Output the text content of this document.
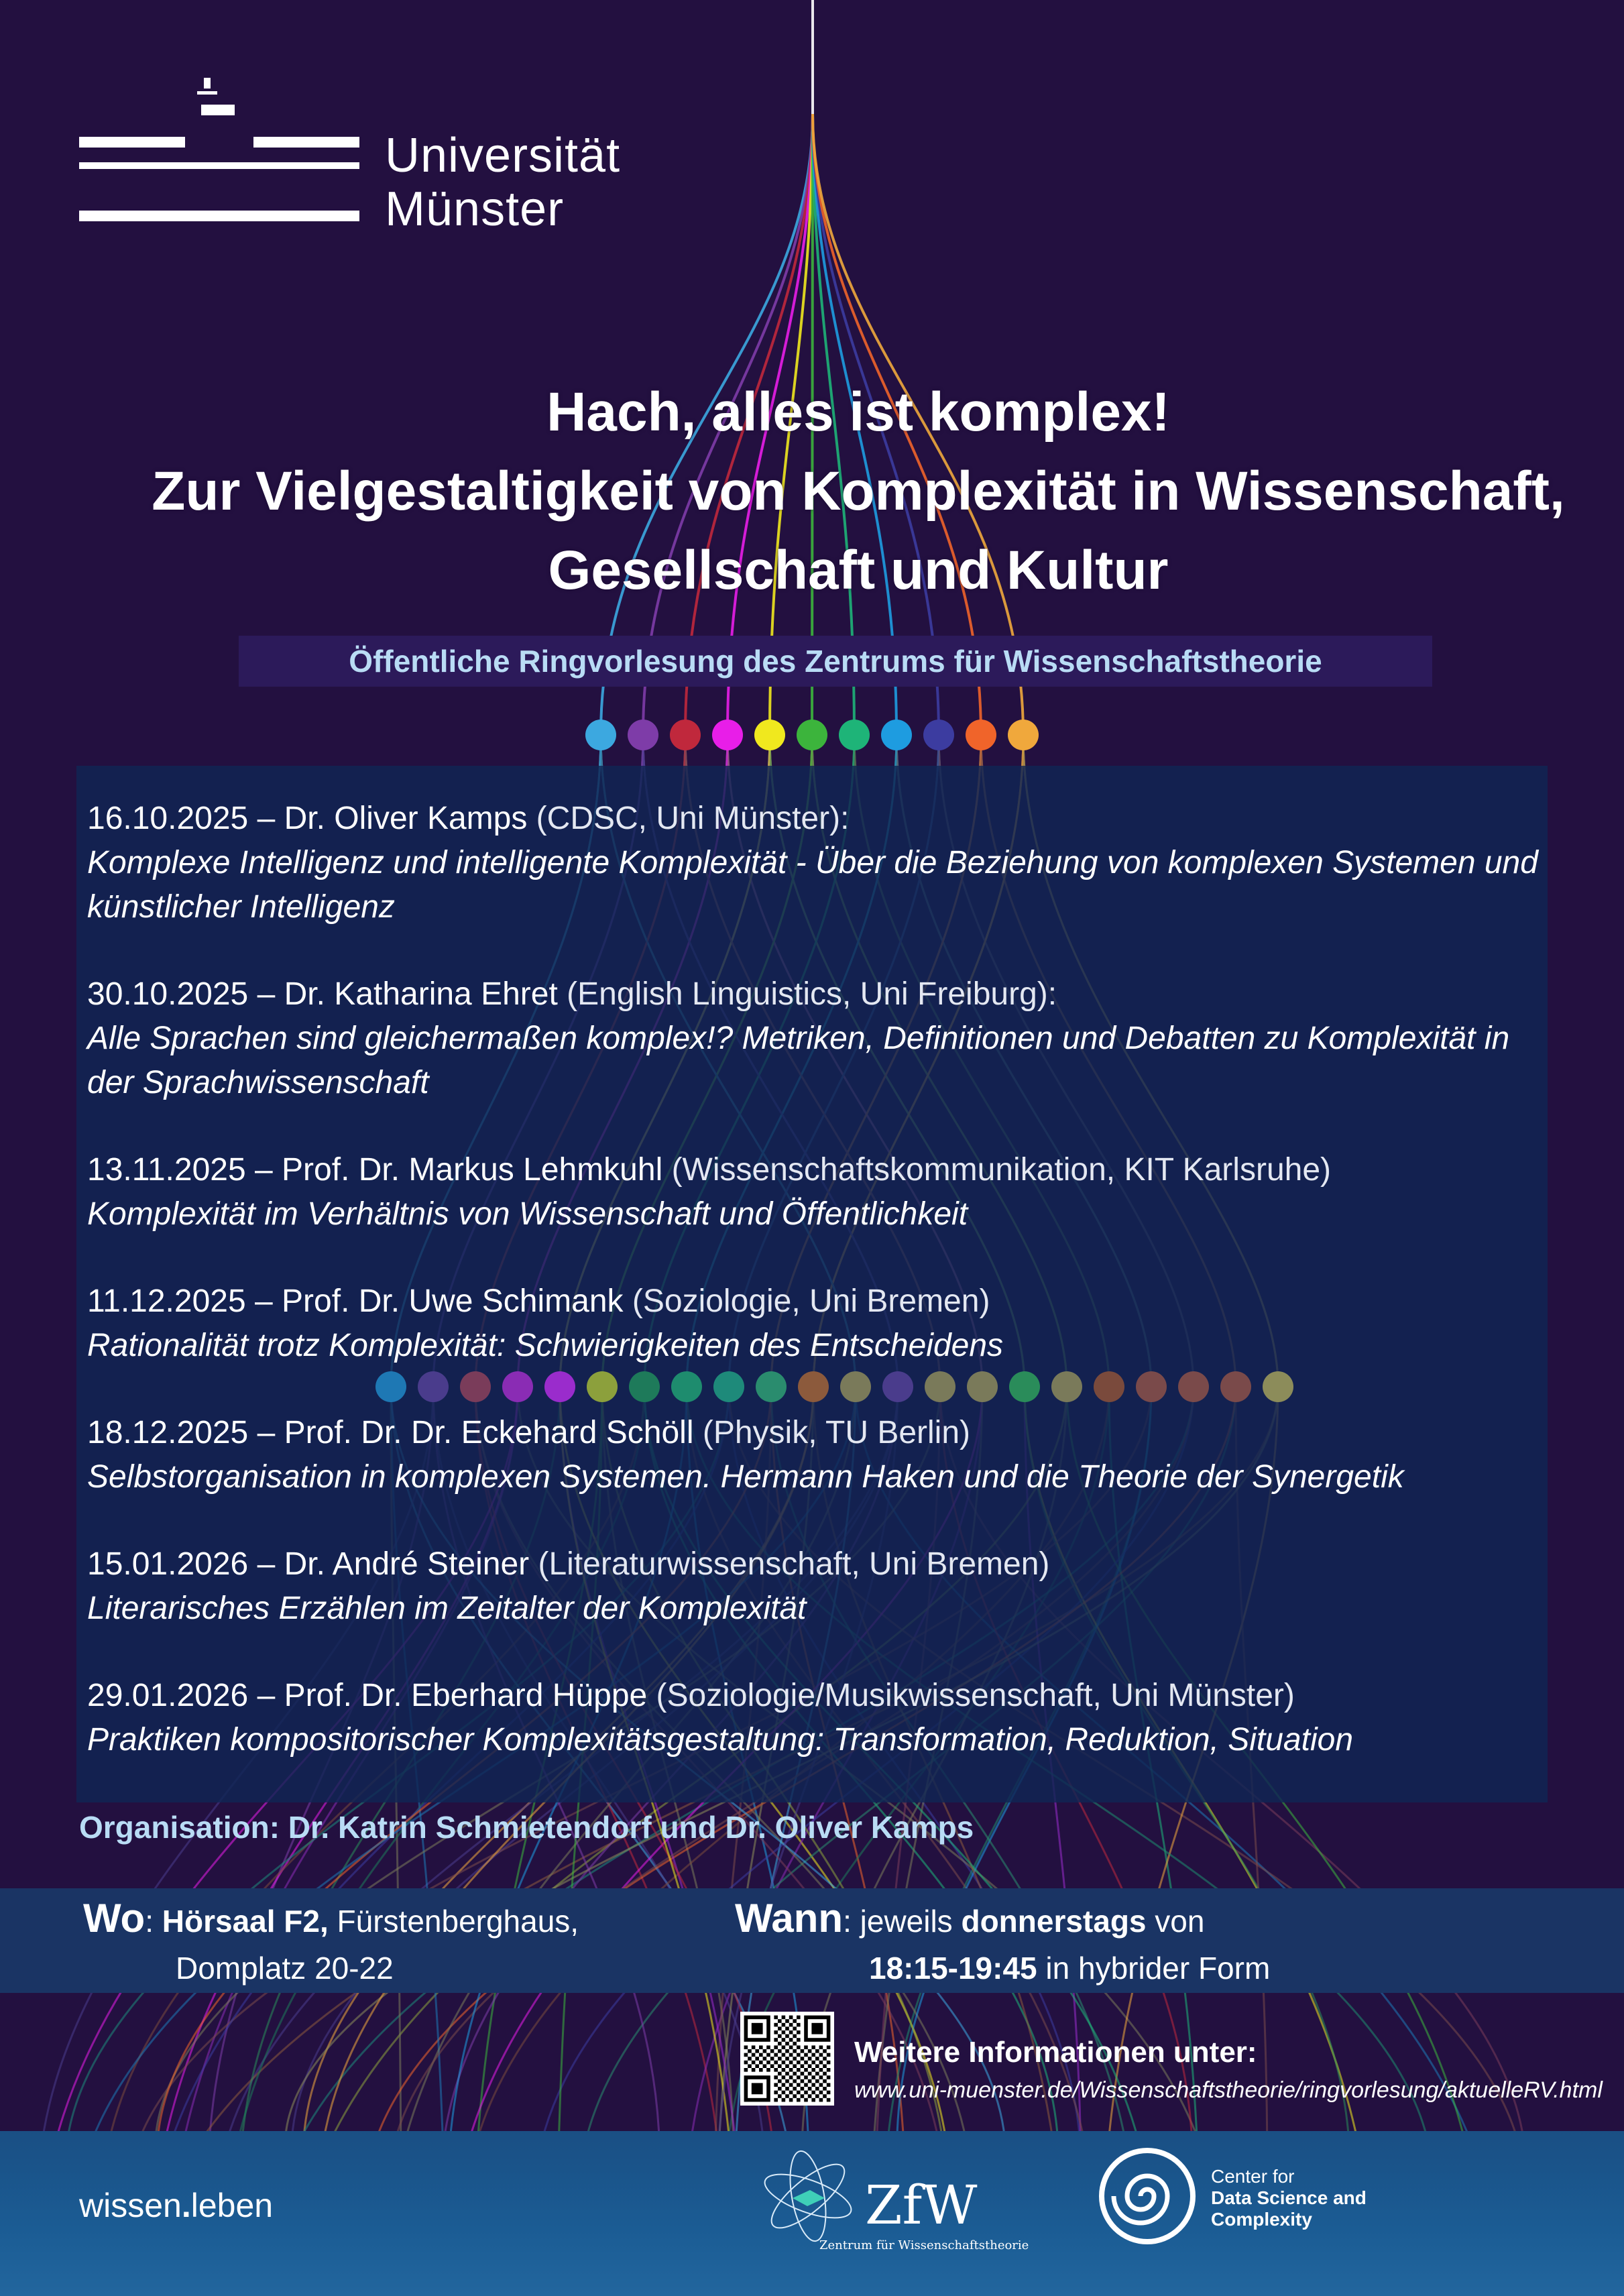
Universität
Münster
Hach, alles ist komplex!
Zur Vielgestaltigkeit von Komplexität in Wissenschaft,
Gesellschaft und Kultur
Öffentliche Ringvorlesung des Zentrums für Wissenschaftstheorie
16.10.2025 – Dr. Oliver Kamps (CDSC, Uni Münster):
Komplexe Intelligenz und intelligente Komplexität - Über die Beziehung von komplexen Systemen und
künstlicher Intelligenz
30.10.2025 – Dr. Katharina Ehret (English Linguistics, Uni Freiburg):
Alle Sprachen sind gleichermaßen komplex!? Metriken, Definitionen und Debatten zu Komplexität in
der Sprachwissenschaft
13.11.2025 – Prof. Dr. Markus Lehmkuhl (Wissenschaftskommunikation, KIT Karlsruhe)
Komplexität im Verhältnis von Wissenschaft und Öffentlichkeit
11.12.2025 – Prof. Dr. Uwe Schimank (Soziologie, Uni Bremen)
Rationalität trotz Komplexität: Schwierigkeiten des Entscheidens
18.12.2025 – Prof. Dr. Dr. Eckehard Schöll (Physik, TU Berlin)
Selbstorganisation in komplexen Systemen. Hermann Haken und die Theorie der Synergetik
15.01.2026 – Dr. André Steiner (Literaturwissenschaft, Uni Bremen)
Literarisches Erzählen im Zeitalter der Komplexität
29.01.2026 – Prof. Dr. Eberhard Hüppe (Soziologie/Musikwissenschaft, Uni Münster)
Praktiken kompositorischer Komplexitätsgestaltung: Transformation, Reduktion, Situation
Organisation: Dr. Katrin Schmietendorf und Dr. Oliver Kamps
Wo: Hörsaal F2, Fürstenberghaus,
Domplatz 20-22
Wann: jeweils donnerstags von
18:15-19:45 in hybrider Form
Weitere Informationen unter:
www.uni-muenster.de/Wissenschaftstheorie/ringvorlesung/aktuelleRV.html
wissen.leben	ZfW
Zentrum für Wissenschaftstheorie
Center for
Data Science and
Complexity
